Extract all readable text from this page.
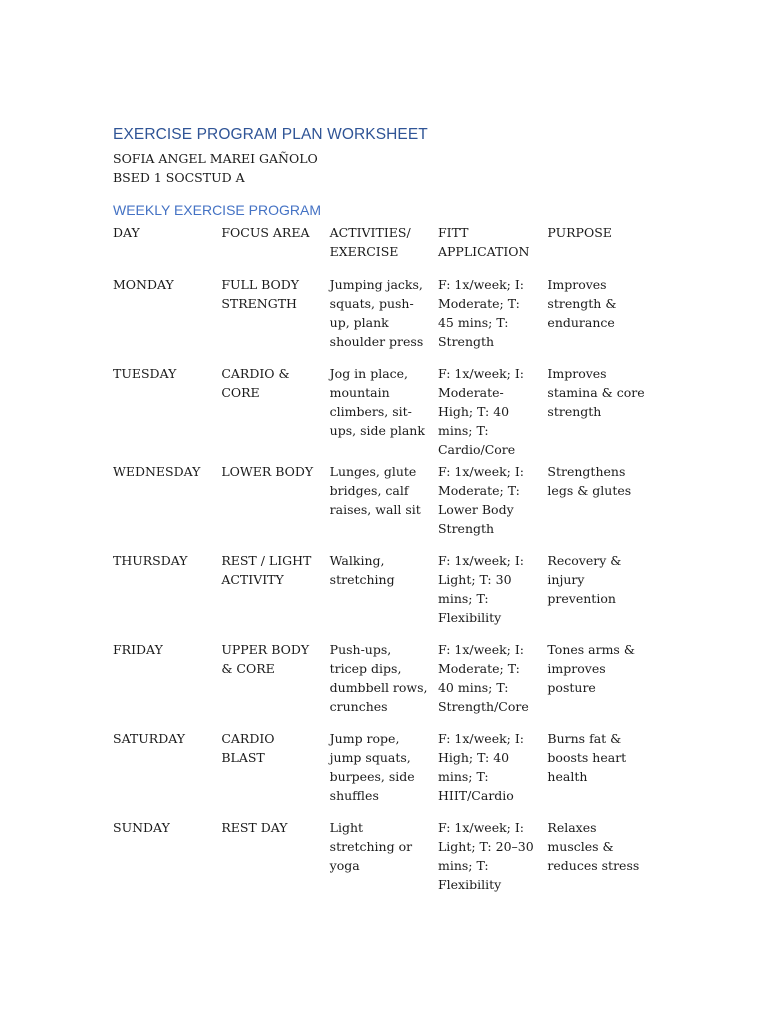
EXERCISE PROGRAM PLAN WORKSHEET
SOFIA ANGEL MAREI GAÑOLO
BSED 1 SOCSTUD A
WEEKLY EXERCISE PROGRAM
DAY	FOCUS AREA	ACTIVITIES/ EXERCISE	FITT APPLICATION	PURPOSE
MONDAY	FULL BODY STRENGTH	Jumping jacks, squats, push-up, plank shoulder press	F: 1x/week; I: Moderate; T: 45 mins; T: Strength	Improves strength & endurance
TUESDAY	CARDIO & CORE	Jog in place, mountain climbers, sit-ups, side plank	F: 1x/week; I: Moderate-High; T: 40 mins; T: Cardio/Core	Improves stamina & core strength
WEDNESDAY	LOWER BODY	Lunges, glute bridges, calf raises, wall sit	F: 1x/week; I: Moderate; T: Lower Body Strength	Strengthens legs & glutes
THURSDAY	REST / LIGHT ACTIVITY	Walking, stretching	F: 1x/week; I: Light; T: 30 mins; T: Flexibility	Recovery & injury prevention
FRIDAY	UPPER BODY & CORE	Push-ups, tricep dips, dumbbell rows, crunches	F: 1x/week; I: Moderate; T: 40 mins; T: Strength/Core	Tones arms & improves posture
SATURDAY	CARDIO BLAST	Jump rope, jump squats, burpees, side shuffles	F: 1x/week; I: High; T: 40 mins; T: HIIT/Cardio	Burns fat & boosts heart health
SUNDAY	REST DAY	Light stretching or yoga	F: 1x/week; I: Light; T: 20–30 mins; T: Flexibility	Relaxes muscles & reduces stress
